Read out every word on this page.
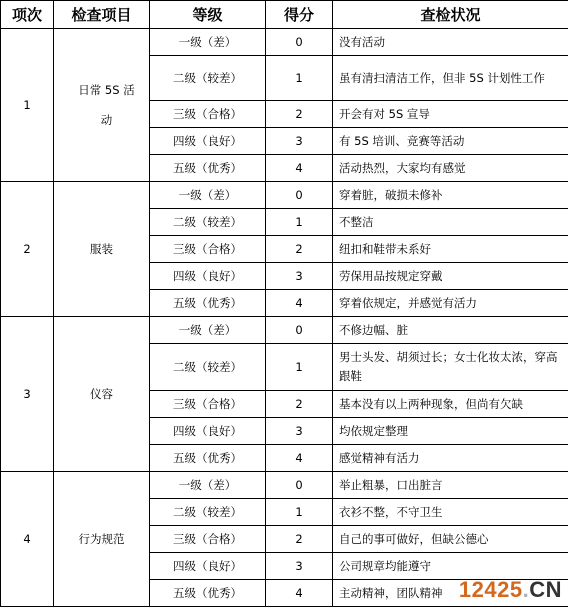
项次	检查项目	等级	得分	查检状况
1	日常 5S 活动	一级（差）	0	没有活动
		二级（较差）	1	虽有清扫清洁工作，但非 5S 计划性工作
		三级（合格）	2	开会有对 5S 宣导
		四级（良好）	3	有 5S 培训、竞赛等活动
		五级（优秀）	4	活动热烈，大家均有感觉
2	服装	一级（差）	0	穿着脏，破损未修补
		二级（较差）	1	不整洁
		三级（合格）	2	纽扣和鞋带未系好
		四级（良好）	3	劳保用品按规定穿戴
		五级（优秀）	4	穿着依规定，并感觉有活力
3	仪容	一级（差）	0	不修边幅、脏
		二级（较差）	1	男士头发、胡须过长；女士化妆太浓，穿高跟鞋
		三级（合格）	2	基本没有以上两种现象，但尚有欠缺
		四级（良好）	3	均依规定整理
		五级（优秀）	4	感觉精神有活力
4	行为规范	一级（差）	0	举止粗暴，口出脏言
		二级（较差）	1	衣衫不整，不守卫生
		三级（合格）	2	自己的事可做好，但缺公德心
		四级（良好）	3	公司规章均能遵守
		五级（优秀）	4	主动精神，团队精神 12425.CN
